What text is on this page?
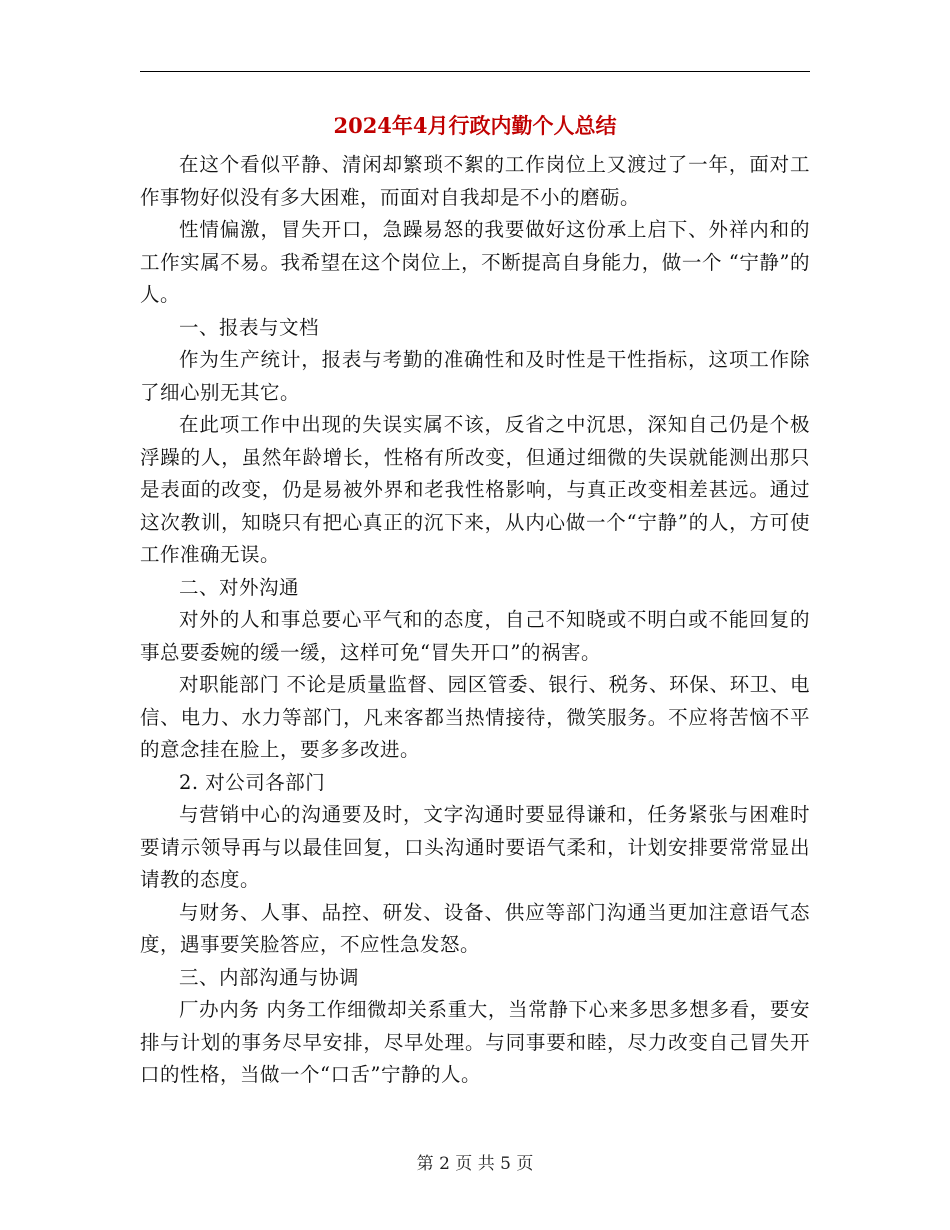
2024年4月行政内勤个人总结

在这个看似平静、清闲却繁琐不絮的工作岗位上又渡过了一年，面对工作事物好似没有多大困难，而面对自我却是不小的磨砺。

性情偏激，冒失开口，急躁易怒的我要做好这份承上启下、外祥内和的工作实属不易。我希望在这个岗位上，不断提高自身能力，做一个 “宁静”的人。

一、报表与文档

作为生产统计，报表与考勤的准确性和及时性是干性指标，这项工作除了细心别无其它。

在此项工作中出现的失误实属不该，反省之中沉思，深知自己仍是个极浮躁的人，虽然年龄增长，性格有所改变，但通过细微的失误就能测出那只是表面的改变，仍是易被外界和老我性格影响，与真正改变相差甚远。通过这次教训，知晓只有把心真正的沉下来，从内心做一个“宁静”的人，方可使工作准确无误。

二、对外沟通

对外的人和事总要心平气和的态度，自己不知晓或不明白或不能回复的事总要委婉的缓一缓，这样可免“冒失开口”的祸害。

对职能部门 不论是质量监督、园区管委、银行、税务、环保、环卫、电信、电力、水力等部门，凡来客都当热情接待，微笑服务。不应将苦恼不平的意念挂在脸上，要多多改进。

2. 对公司各部门

与营销中心的沟通要及时，文字沟通时要显得谦和，任务紧张与困难时要请示领导再与以最佳回复，口头沟通时要语气柔和，计划安排要常常显出请教的态度。

与财务、人事、品控、研发、设备、供应等部门沟通当更加注意语气态度，遇事要笑脸答应，不应性急发怒。

三、内部沟通与协调

厂办内务 内务工作细微却关系重大，当常静下心来多思多想多看，要安排与计划的事务尽早安排，尽早处理。与同事要和睦，尽力改变自己冒失开口的性格，当做一个“口舌”宁静的人。

第 2 页 共 5 页
